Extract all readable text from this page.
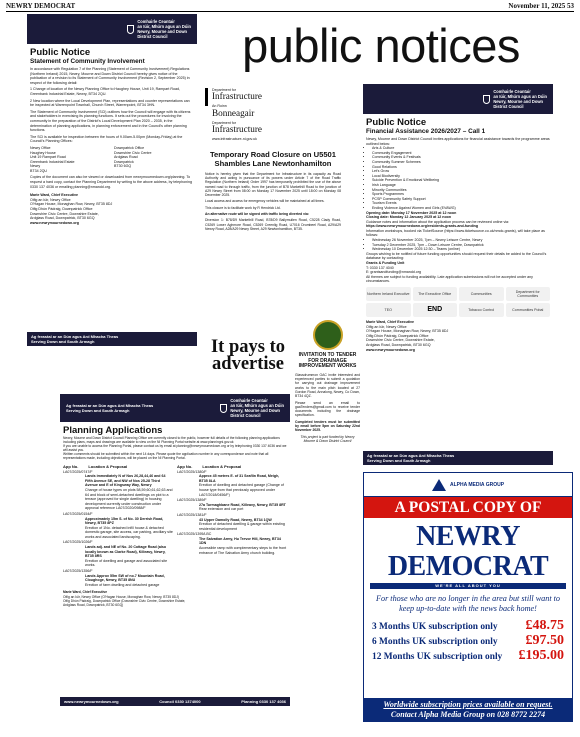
NEWRY DEMOCRAT	November 11, 2025 53
public notices
Comhairle Ceantair
an Iúir, Mhúrn agus an Dúin
Newry, Mourne and Down
District Council
Public Notice
Statement of Community Involvement

In accordance with Regulation 7 of the Planning (Statement of Community Involvement) Regulations (Northern Ireland) 2015, Newry, Mourne and Down District Council hereby gives notice of the publication of a revision to its Statement of Community Involvement (Revision 2, September 2025) in respect of the following detail:

1 Change of location of the Newry Planning Office to Haughey House, Unit 19, Rampart Road, Greenbank Industrial Estate, Newry, BT34 2QU.

2 New location where the Local Development Plan, representations and counter representations can be inspected at Warrenpoint Townhall, Church Street, Warrenpoint, BT34 3HN.

The Statement of Community Involvement (SCI) outlines how the Council will engage with its citizens and stakeholders in exercising its planning functions. It sets out the procedures for involving the community in the preparation of the District's Local Development Plan 2020 – 2035, in the determination of planning applications, in planning enforcement and in the Council's other planning functions.

The SCI is available for inspection between the hours of 9.00am-5.00pm (Monday-Friday) at the Council's Planning Offices:

Newry Office	Downpatrick Office
Haughey House	Downshire Civic Centre
Unit 19 Rampart Road	Ardglass Road
Greenbank Industrial Estate	Downpatrick
Newry	BT30 6GQ
BT34 2QU

Copies of the document can also be viewed or downloaded from newrymournedown.org/planning. To request a hard copy, contact the Planning Department by writing to the above address, by telephoning 0330 137 4036 or emailing planning@nmandd.org.

Marie Ward, Chief Executive
Oifig an Iúir, Newry Office
O'Hagan House, Monaghan Row, Newry, BT35 8DJ
Oifig Dhún Pádraig, Downpatrick Office
Downshire Civic Centre, Downshire Estate,
Ardglass Road, Downpatrick, BT30 6GQ
www.newrymournedown.org
Ag freastal ar an Dún agus Ard Mhacha Theas
Serving Down and South Armagh
Department for
Infrastructure
An Roinn
Bonneagair
Department for
Infrastructure
www.infrastructure-ni.gov.uk
Temporary Road Closure on U5501 Shambles Lane Newtonhamilton

Notice is hereby given that the Department for Infrastructure in its capacity as Road Authority and acting in pursuance of its powers under Article 7 of the Road Traffic Regulation (Northern Ireland) Order 1997 has temporarily prohibited the use of the above named road to through traffic, from the junction of B78 Markethill Road to the junction of A29 Newry Street from 08:00 on Monday 17 November 2025 until 18:00 on Monday 08 December 2025.

Local access and access for emergency vehicles will be maintained at all times.

This closure is to facilitate work by R Hendrick Ltd.

An alternative route will be signed with traffic being diverted via:

Diversion 1: B78/D9 Markethill Road, B78/D9 Ballymullen Road, C5228 Clady Road, C5269 Lower Aghmore Road, C5269 Creenlig Road, U7016 Drumbeel Road, A29/A29 Newry Road, A28/A29 Newry Street, A29 Newtonhamilton, BT35.

It pays to advertise	INVITATION TO TENDER FOR DRAINAGE IMPROVEMENT WORKS

Glassdrummon GAC invite interested and experienced parties to submit a quotation for carrying out drainage improvement works to the main pitch located at 27 Gordon Road, Annalong, Newry, Co Down, BT34 4QZ.

Please send an email to gaaTenders@gmail.com to receive tender documents including the drainage specification.

Completed tenders must be submitted by email before 5pm on Saturday 22nd November 2025.

This project is part funded by Newry Mourne & Down District Council

Comhairle Ceantair
an Iúir, Mhúrn agus an Dúin
Newry, Mourne and Down
District Council
Public Notice
Financial Assistance 2026/2027 – Call 1

Newry, Mourne and Down District Council invites applications for financial assistance towards the programme areas outlined below:

• Arts & Culture
• Community Engagement
• Community Events & Festivals
• Community Summer Schemes
• Good Relations
• Let's Grow
• Local Biodiversity
• Suicide Prevention & Emotional Wellbeing
• Irish Language
• Minority Communities
• Sports Programmes
• PCSP Community Safety Support
• Tourism Events
• Ending Violence Against Women and Girls (EVAWG)

Opening date: Monday 17 November 2025 at 12 noon

Closing date: Monday 12 January 2025 at 12 noon

Guidance notes and information about the application process can be reviewed online via:

https://www.newrymournedown.org/residents-grants-and-funding

Information workshops, booked via TicketSource (https://www.ticketsource.co.uk/nmdc-grants), will take place as follows:

• Wednesday 26 November 2025, 7pm – Newry Leisure Centre, Newry
• Tuesday 2 December 2025, 7pm – Down Leisure Centre, Downpatrick
• Wednesday 10 December 2025 12:30 – Teams (online)

Groups wishing to be notified of future funding opportunities should request their details be added to the Council's database by contacting:

Grants & Funding Unit

T: 0330 137 4040

E: grantsandfunding@nmandd.org

All themes are subject to funding availability. Late application submissions will not be accepted under any circumstances.

Northern Ireland Executive	The Executive Office	Communities	Department for Communities
TEO	END	Tobacco Control	Communities Pobal
Marie Ward, Chief Executive
Oifig an Iúir, Newry Office
O'Hagan House, Monaghan Row, Newry, BT35 8DJ
Oifig Dhún Pádraig, Downpatrick Office
Downshire Civic Centre, Downshire Estate,
Ardglass Road, Downpatrick, BT30 6GQ
www.newrymournedown.org
Ag freastal ar an Dún agus Ard Mhacha Theas
Serving Down and South Armagh
Ag freastal ar an Dún agus Ard Mhacha Theas
Serving Down and South Armagh
Comhairle Ceantair
an Iúir, Mhúrn agus an Dúin
Newry, Mourne and Down
District Council
Planning Applications

Newry, Mourne and Down District Council Planning Office are currently closed to the public, however full details of the following planning applications including plans, maps and drawings are available to view on the NI Planning Portal website at www.planningni.gov.uk

If you are unable to access the Planning Portal, please contact us by email at planning@newrymournedown.org or by telephoning 0330 137 4036 and we will assist you.

Written comments should be submitted within the next 14 days. Please quote the application number in any correspondence and note that all representations made, including objections, will be placed on the NI Planning Portal.

App No.	Location & Proposal
LA07/2025/0747/F
Lands immediately N of Nos 26,28,44,46 and 64 Fifth Avenue SE, and NW of Nos 25-28 Third Avenue and E of Kingsway Way, Newry
Change of house types on plots 58,59,60,61,62,63 and 64 and block of semi-detached dwellings on plot to a terrace (approved for single dwelling) in housing development currently under construction under approval reference LA07/2020/0988/F
LA07/2025/0154/F
Approximately 15m S. of No. 30 Derrish Road, Newry, BT35 8PZ
Erection of 1No. detached infill house & detached domestic garage, site access, car parking, ancillary site works and associated landscaping.
LA07/2025/1026/F
Lands adj. and NE of No. 20 Cottage Road (also locally known as Clarke Road), Killeavy, Newry, BT35 8RS
Erection of dwelling and garage and associated site works.
LA07/2025/1356/F
Lands Approx 55m SW of no.7 Mountain Road, Cloughoge, Newry, BT35 8NU
Erection of farm dwelling and detached garage
App No.	Location & Proposal
LA07/2025/1380/F
Approx 45 metres E. of 31 Seaflin Road, Meigh, BT35 8LA
Erection of dwelling and detached garage (Change of house type from that previously approved under LA07/2018/0456/F)
LA07/2025/1389/F
27a Turmaghbane Road, Killeavy, Newry, BT35 8RT
Rear extension and car port
LA07/2025/1381/F
43 Upper Damolly Road, Newry, BT34 1QW
Erection of detached dwelling & garage within existing residential development
LA07/2025/1395/LBC
The Salvation Army, Hu Trevor Hill, Newry, BT34 1DN
Accessible ramp with complementary steps to the front entrance of The Salvation Army church building.
Marie Ward, Chief Executive
Oifig an Iúir, Newry Office (O'Hagan House, Monaghan Row, Newry, BT35 8DJ)
Oifig Dhún Pádraig, Downpatrick Office (Downshire Civic Centre, Downshire Estate,
Ardglass Road, Downpatrick, BT30 6GQ)
www.newrymournedown.org	Council 0330 1374000	Planning 0330 137 4036
ALPHA MEDIA GROUP
A POSTAL COPY OF
NEWRY DEMOCRAT
WE'RE ALL ABOUT YOU
For those who are no longer in the area but still want to keep up-to-date with the news back home!
3 Months UK subscription only £48.75
6 Months UK subscription only £97.50
12 Months UK subscription only £195.00
Worldwide subscription prices available on request.
Contact Alpha Media Group on 028 8772 2274
